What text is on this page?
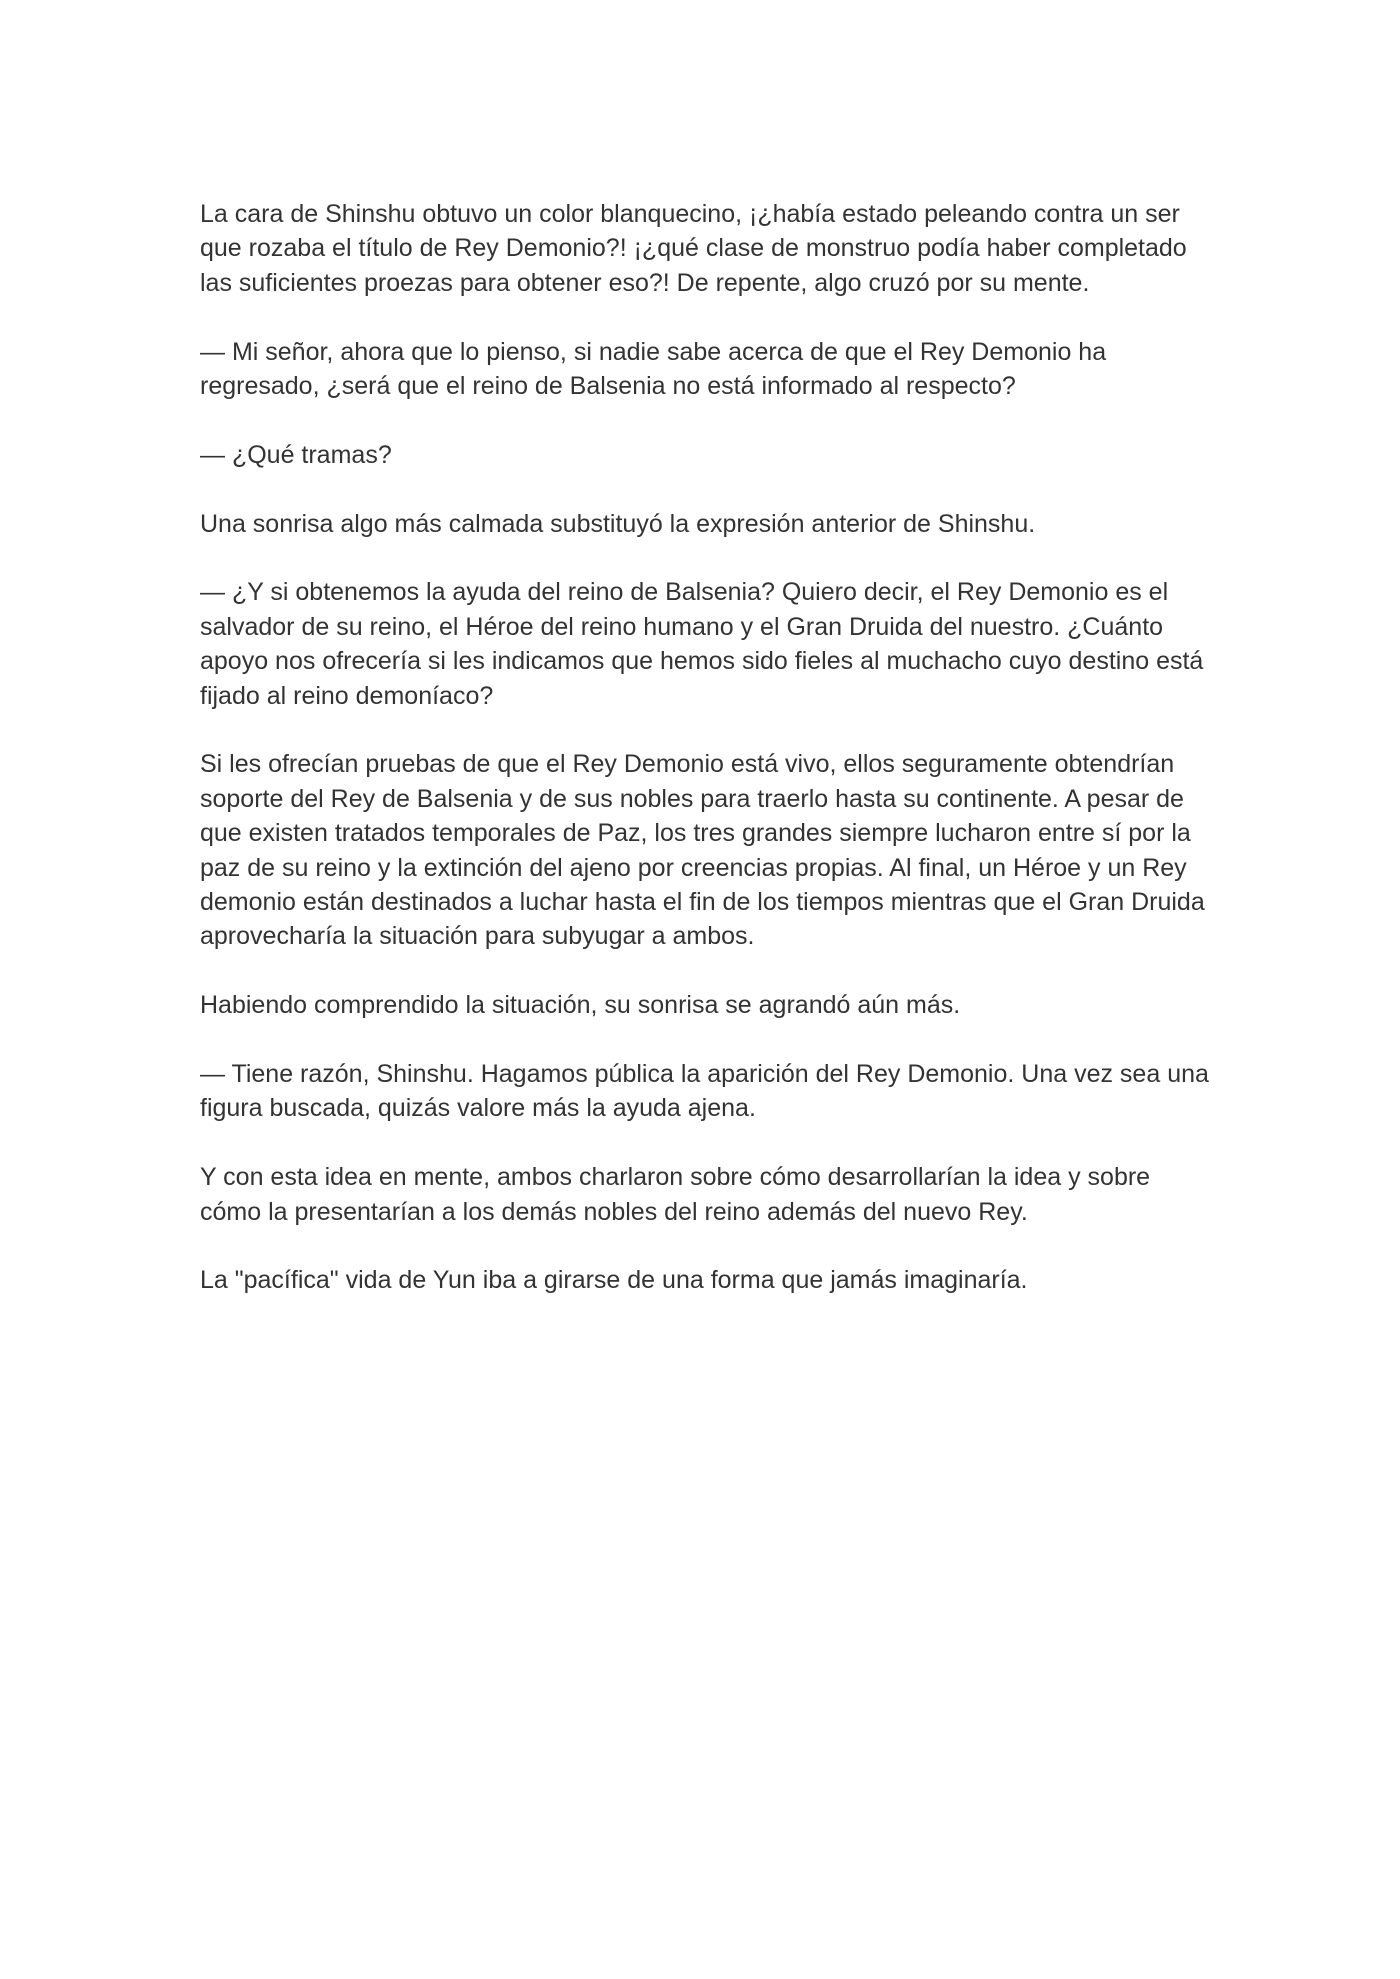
La cara de Shinshu obtuvo un color blanquecino, ¡¿había estado peleando contra un ser que rozaba el título de Rey Demonio?! ¡¿qué clase de monstruo podía haber completado las suficientes proezas para obtener eso?! De repente, algo cruzó por su mente.

— Mi señor, ahora que lo pienso, si nadie sabe acerca de que el Rey Demonio ha regresado, ¿será que el reino de Balsenia no está informado al respecto?

— ¿Qué tramas?

Una sonrisa algo más calmada substituyó la expresión anterior de Shinshu.

— ¿Y si obtenemos la ayuda del reino de Balsenia? Quiero decir, el Rey Demonio es el salvador de su reino, el Héroe del reino humano y el Gran Druida del nuestro. ¿Cuánto apoyo nos ofrecería si les indicamos que hemos sido fieles al muchacho cuyo destino está fijado al reino demoníaco?

Si les ofrecían pruebas de que el Rey Demonio está vivo, ellos seguramente obtendrían soporte del Rey de Balsenia y de sus nobles para traerlo hasta su continente. A pesar de que existen tratados temporales de Paz, los tres grandes siempre lucharon entre sí por la paz de su reino y la extinción del ajeno por creencias propias. Al final, un Héroe y un Rey demonio están destinados a luchar hasta el fin de los tiempos mientras que el Gran Druida aprovecharía la situación para subyugar a ambos.

Habiendo comprendido la situación, su sonrisa se agrandó aún más.

— Tiene razón, Shinshu. Hagamos pública la aparición del Rey Demonio. Una vez sea una figura buscada, quizás valore más la ayuda ajena.

Y con esta idea en mente, ambos charlaron sobre cómo desarrollarían la idea y sobre cómo la presentarían a los demás nobles del reino además del nuevo Rey.

La "pacífica" vida de Yun iba a girarse de una forma que jamás imaginaría.
